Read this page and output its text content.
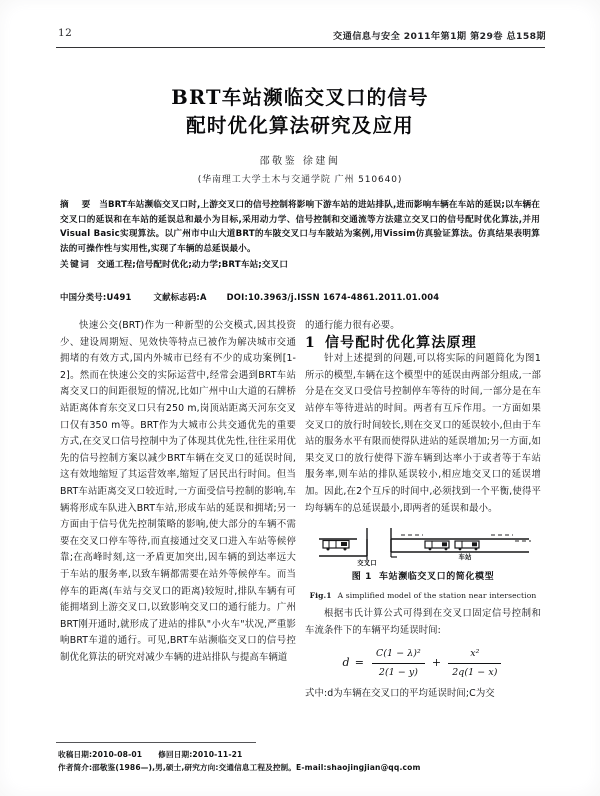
12	交通信息与安全 2011年第1期 第29卷 总158期
BRT车站濒临交叉口的信号
配时优化算法研究及应用
邵敬鉴 徐建闽
(华南理工大学土木与交通学院 广州 510640)
摘 要 当BRT车站濒临交叉口时,上游交叉口的信号控制将影响下游车站的进站排队,进而影响车辆在车站的延误;以车辆在交叉口的延误和在车站的延误总和最小为目标,采用动力学、信号控制和交通流等方法建立交叉口的信号配时优化算法,并用Visual Basic实现算法。以广州市中山大道BRT的车陂交叉口与车陂站为案例,用Vissim仿真验证算法。仿真结果表明算法的可操作性与实用性,实现了车辆的总延误最小。
关键词 交通工程;信号配时优化;动力学;BRT车站;交叉口
中国分类号:U491	文献标志码:A DOI:10.3963/j.ISSN 1674-4861.2011.01.004

快速公交(BRT)作为一种新型的公交模式,因其投资少、建设周期短、见效快等特点已被作为解决城市交通拥堵的有效方式,国内外城市已经有不少的成功案例[1-2]。然而在快速公交的实际运营中,经常会遇到BRT车站离交叉口的间距很短的情况,比如广州中山大道的石牌桥站距离体育东交叉口只有250 m,岗顶站距离天河东交叉口仅有350 m等。BRT作为大城市公共交通优先的重要方式,在交叉口信号控制中为了体现其优先性,往往采用优先的信号控制方案以减少BRT车辆在交叉口的延误时间,这有效地缩短了其运营效率,缩短了居民出行时间。但当BRT车站距离交叉口较近时,一方面受信号控制的影响,车辆将形成车队进入BRT车站,形成车站的延误和拥堵;另一方面由于信号优先控制策略的影响,使大部分的车辆不需要在交叉口停车等待,而直接通过交叉口进入车站等候停靠;在高峰时刻,这一矛盾更加突出,因车辆的到达率远大于车站的服务率,以致车辆都需要在站外等候停车。而当停车的距离(车站与交叉口的距离)较短时,排队车辆有可能拥堵到上游交叉口,以致影响交叉口的通行能力。广州BRT刚开通时,就形成了进站的排队"小火车"状况,严重影响BRT车道的通行。可见,BRT车站濒临交叉口的信号控制优化算法的研究对减少车辆的进站排队与提高车辆道

的通行能力很有必要。

1 信号配时优化算法原理

针对上述提到的问题,可以将实际的问题简化为图1所示的模型,车辆在这个模型中的延误由两部分组成,一部分是在交叉口受信号控制停车等待的时间,一部分是在车站停车等待进站的时间。两者有互斥作用。一方面如果交叉口的放行时间较长,则在交叉口的延误较小,但由于车站的服务水平有限而使得队进站的延误增加;另一方面,如果交叉口的放行使得下游车辆到达率小于或者等于车站服务率,则车站的排队延误较小,相应地交叉口的延误增加。因此,在2个互斥的时间中,必须找到一个平衡,使得平均每辆车的总延误最小,即两者的延误和最小。

交叉口
车站
图 1 车站濒临交叉口的简化模型
Fig.1 A simplified model of the station near intersection

根据韦氏计算公式可得到在交叉口固定信号控制和车流条件下的车辆平均延误时间:

$d = \frac{\text{C(1 − λ)²}}{2(1 - y)} + \frac{\text{x²}}{2q(1 - x)}$

式中:d为车辆在交叉口的平均延误时间;C为交

收稿日期:2010-08-01 修回日期:2010-11-21
作者简介:邵敬鉴(1986—),男,硕士,研究方向:交通信息工程及控制。E-mail:shaojingjian@qq.com
